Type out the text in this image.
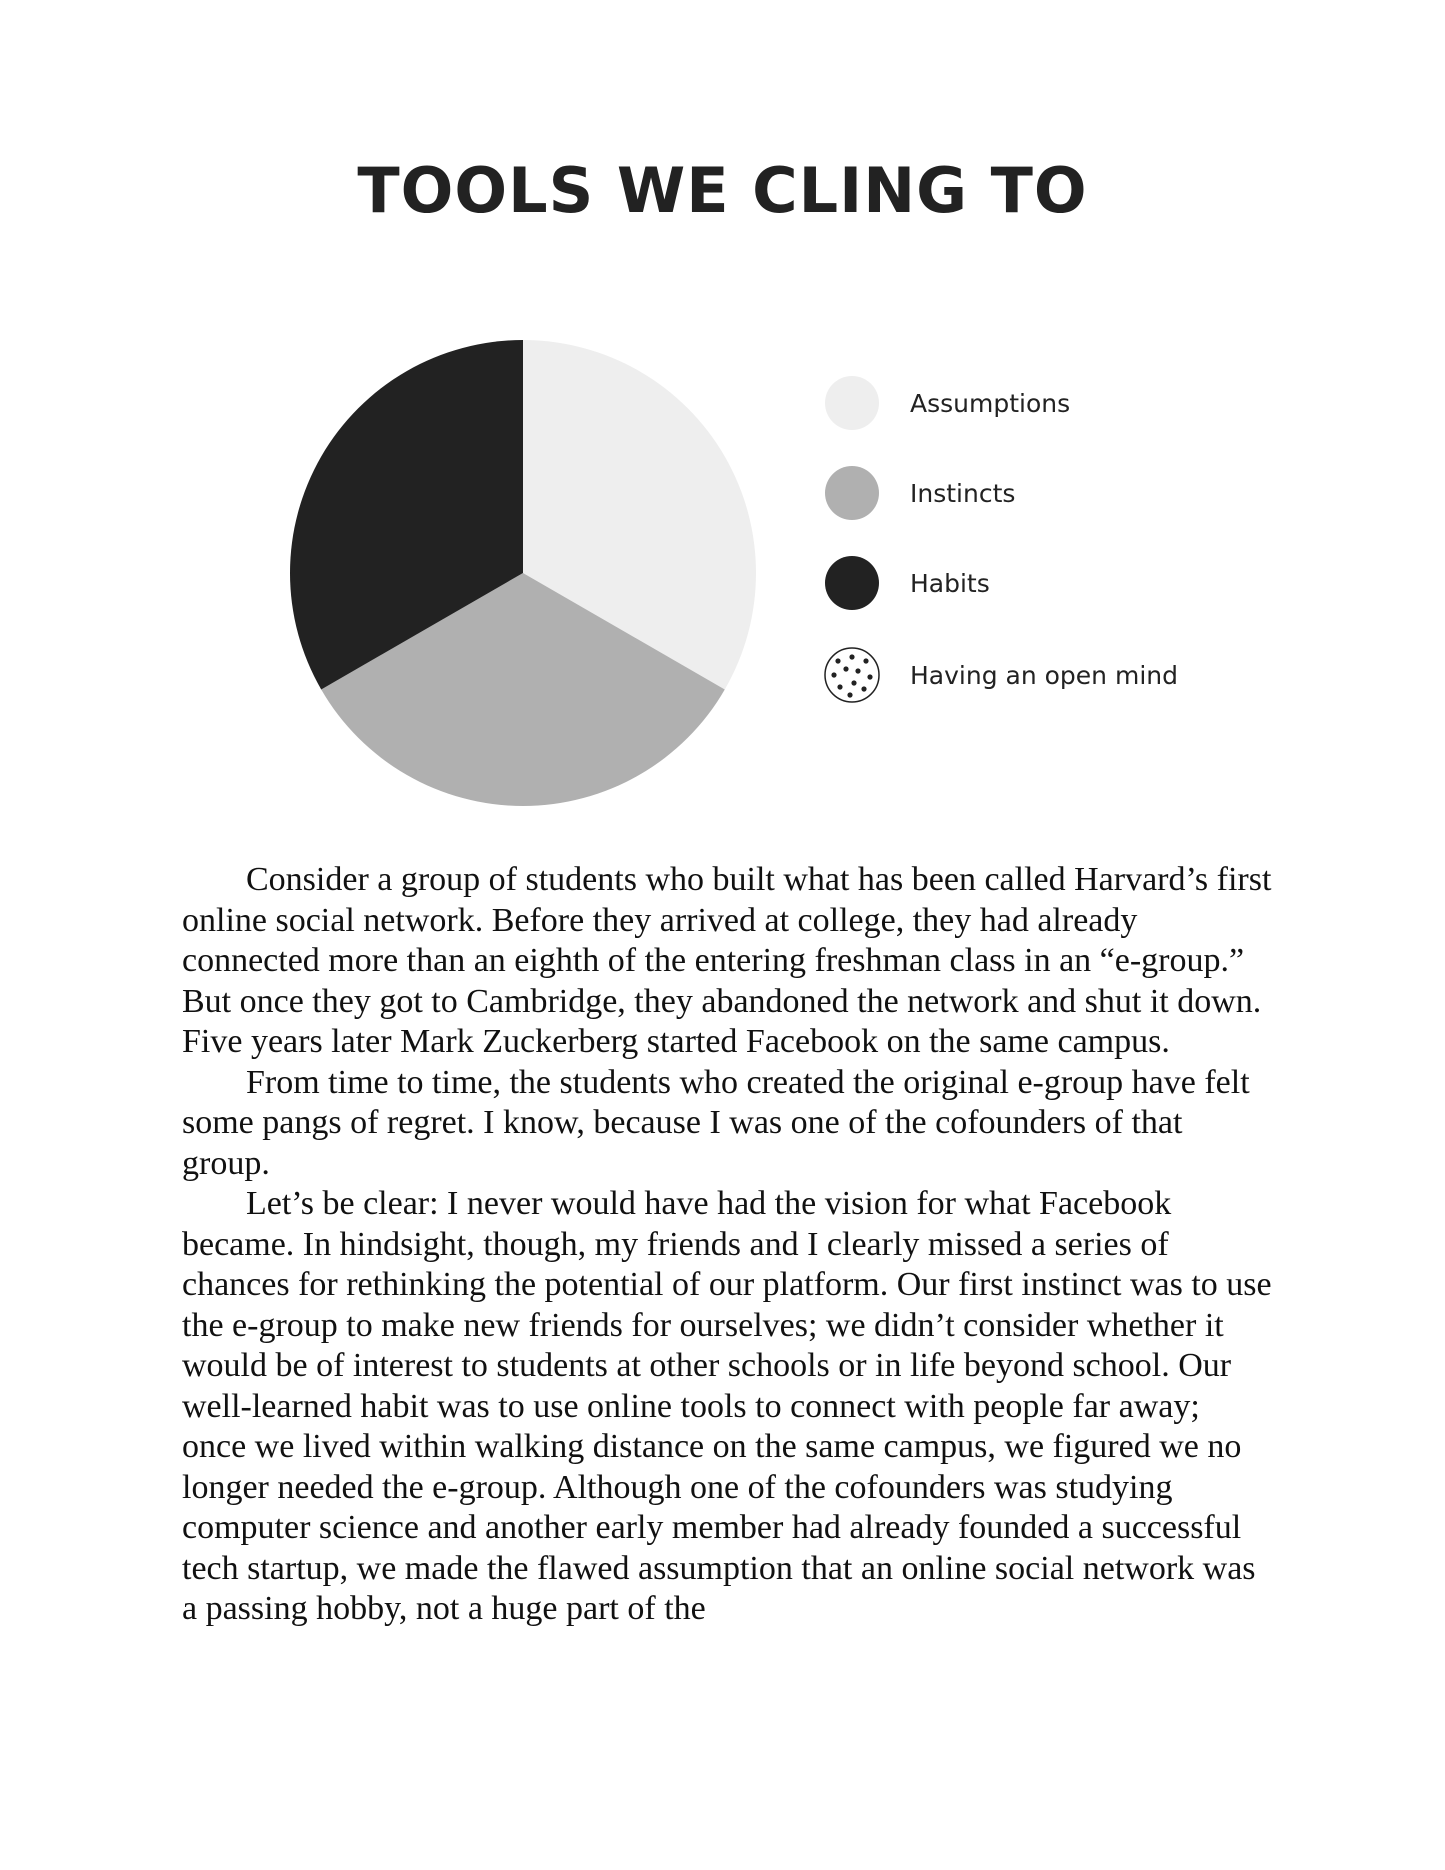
TOOLS WE CLING TO
Assumptions
Instincts
Habits
Having an open mind

Consider a group of students who built what has been called Harvard’s first online social network. Before they arrived at college, they had already connected more than an eighth of the entering freshman class in an “e-group.” But once they got to Cambridge, they abandoned the network and shut it down. Five years later Mark Zuckerberg started Facebook on the same campus.

From time to time, the students who created the original e-group have felt some pangs of regret. I know, because I was one of the cofounders of that group.

Let’s be clear: I never would have had the vision for what Facebook became. In hindsight, though, my friends and I clearly missed a series of chances for rethinking the potential of our platform. Our first instinct was to use the e-group to make new friends for ourselves; we didn’t consider whether it would be of interest to students at other schools or in life beyond school. Our well-learned habit was to use online tools to connect with people far away; once we lived within walking distance on the same campus, we figured we no longer needed the e-group. Although one of the cofounders was studying computer science and another early member had already founded a successful tech startup, we made the flawed assumption that an online social network was a passing hobby, not a huge part of the
